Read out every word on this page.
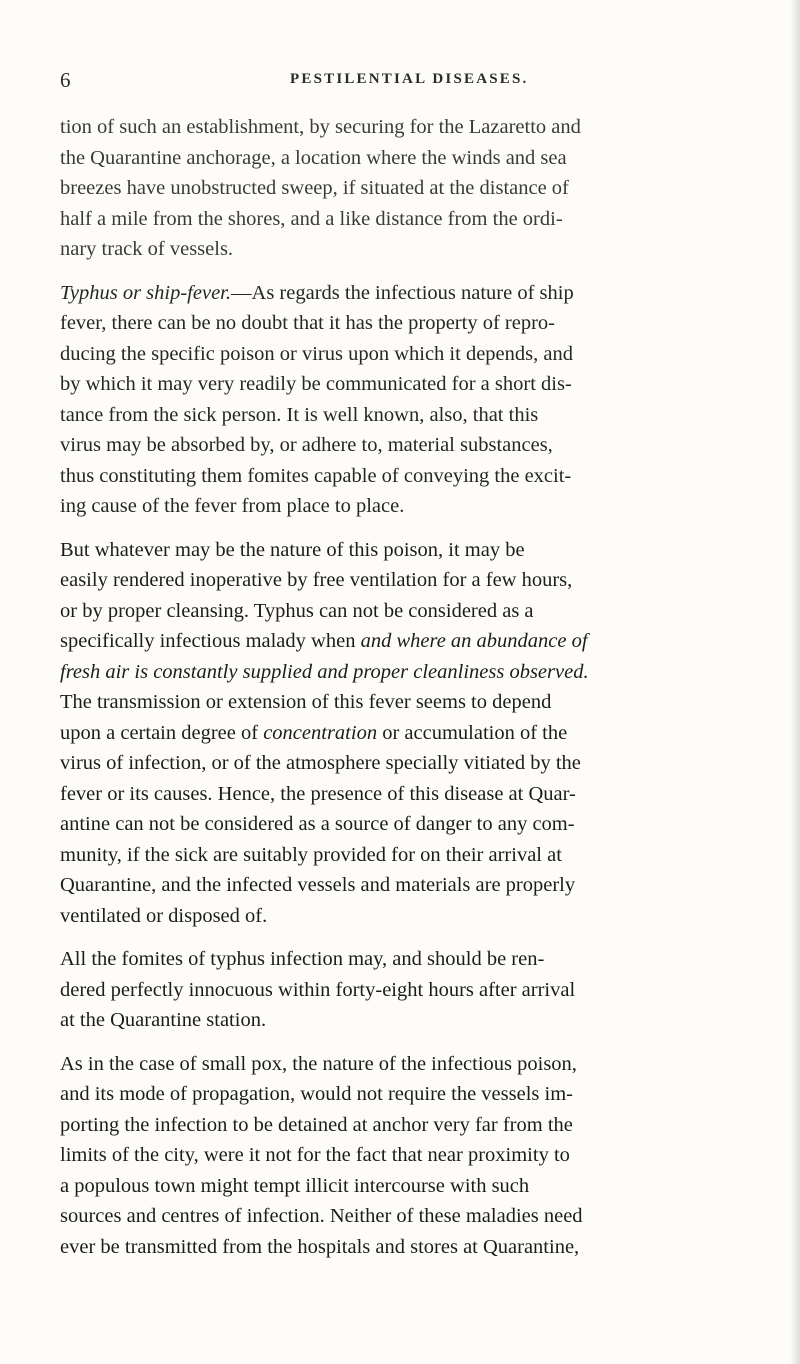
6	PESTILENTIAL DISEASES.

tion of such an establishment, by securing for the Lazaretto and
the Quarantine anchorage, a location where the winds and sea
breezes have unobstructed sweep, if situated at the distance of
half a mile from the shores, and a like distance from the ordi-
nary track of vessels.

Typhus or ship-fever.—As regards the infectious nature of ship
fever, there can be no doubt that it has the property of repro-
ducing the specific poison or virus upon which it depends, and
by which it may very readily be communicated for a short dis-
tance from the sick person. It is well known, also, that this
virus may be absorbed by, or adhere to, material substances,
thus constituting them fomites capable of conveying the excit-
ing cause of the fever from place to place.

But whatever may be the nature of this poison, it may be
easily rendered inoperative by free ventilation for a few hours,
or by proper cleansing. Typhus can not be considered as a
specifically infectious malady when and where an abundance of
fresh air is constantly supplied and proper cleanliness observed.
The transmission or extension of this fever seems to depend
upon a certain degree of concentration or accumulation of the
virus of infection, or of the atmosphere specially vitiated by the
fever or its causes. Hence, the presence of this disease at Quar-
antine can not be considered as a source of danger to any com-
munity, if the sick are suitably provided for on their arrival at
Quarantine, and the infected vessels and materials are properly
ventilated or disposed of.

All the fomites of typhus infection may, and should be ren-
dered perfectly innocuous within forty-eight hours after arrival
at the Quarantine station.

As in the case of small pox, the nature of the infectious poison,
and its mode of propagation, would not require the vessels im-
porting the infection to be detained at anchor very far from the
limits of the city, were it not for the fact that near proximity to
a populous town might tempt illicit intercourse with such
sources and centres of infection. Neither of these maladies need
ever be transmitted from the hospitals and stores at Quarantine,
